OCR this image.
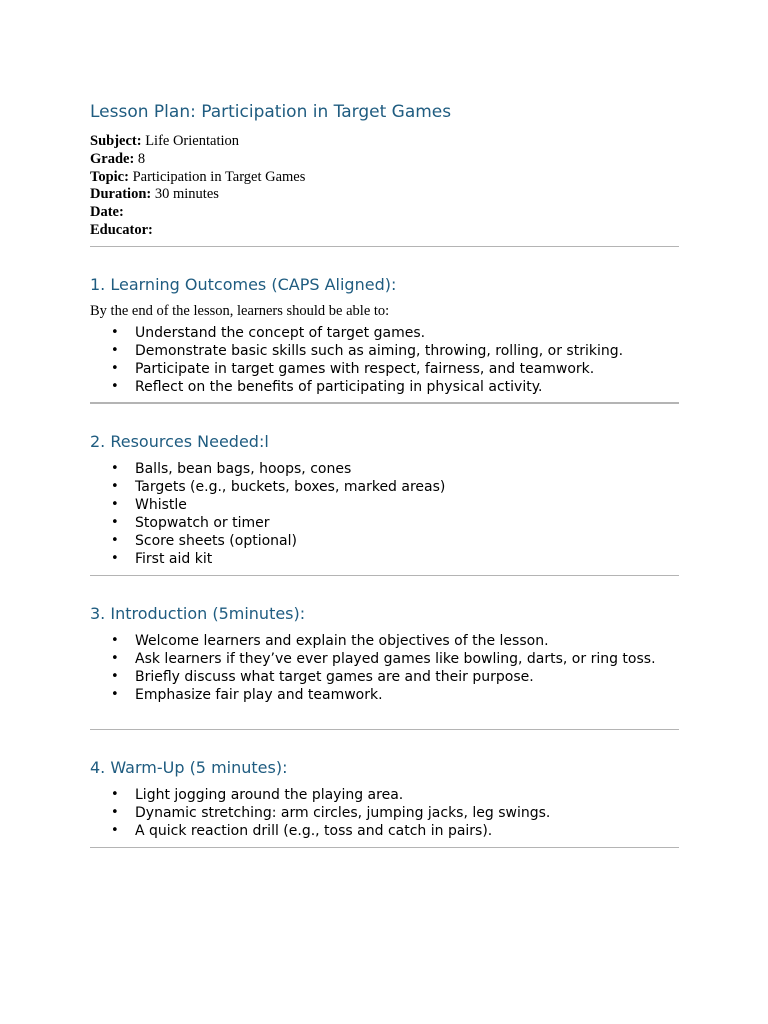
Lesson Plan: Participation in Target Games
Subject: Life Orientation
Grade: 8
Topic: Participation in Target Games
Duration: 30 minutes
Date:
Educator:
1. Learning Outcomes (CAPS Aligned):

By the end of the lesson, learners should be able to:

• Understand the concept of target games.
• Demonstrate basic skills such as aiming, throwing, rolling, or striking.
• Participate in target games with respect, fairness, and teamwork.
• Reflect on the benefits of participating in physical activity.
2. Resources Needed:l
• Balls, bean bags, hoops, cones
• Targets (e.g., buckets, boxes, marked areas)
• Whistle
• Stopwatch or timer
• Score sheets (optional)
• First aid kit
3. Introduction (5minutes):
• Welcome learners and explain the objectives of the lesson.
• Ask learners if they’ve ever played games like bowling, darts, or ring toss.
• Briefly discuss what target games are and their purpose.
• Emphasize fair play and teamwork.
4. Warm-Up (5 minutes):
• Light jogging around the playing area.
• Dynamic stretching: arm circles, jumping jacks, leg swings.
• A quick reaction drill (e.g., toss and catch in pairs).
